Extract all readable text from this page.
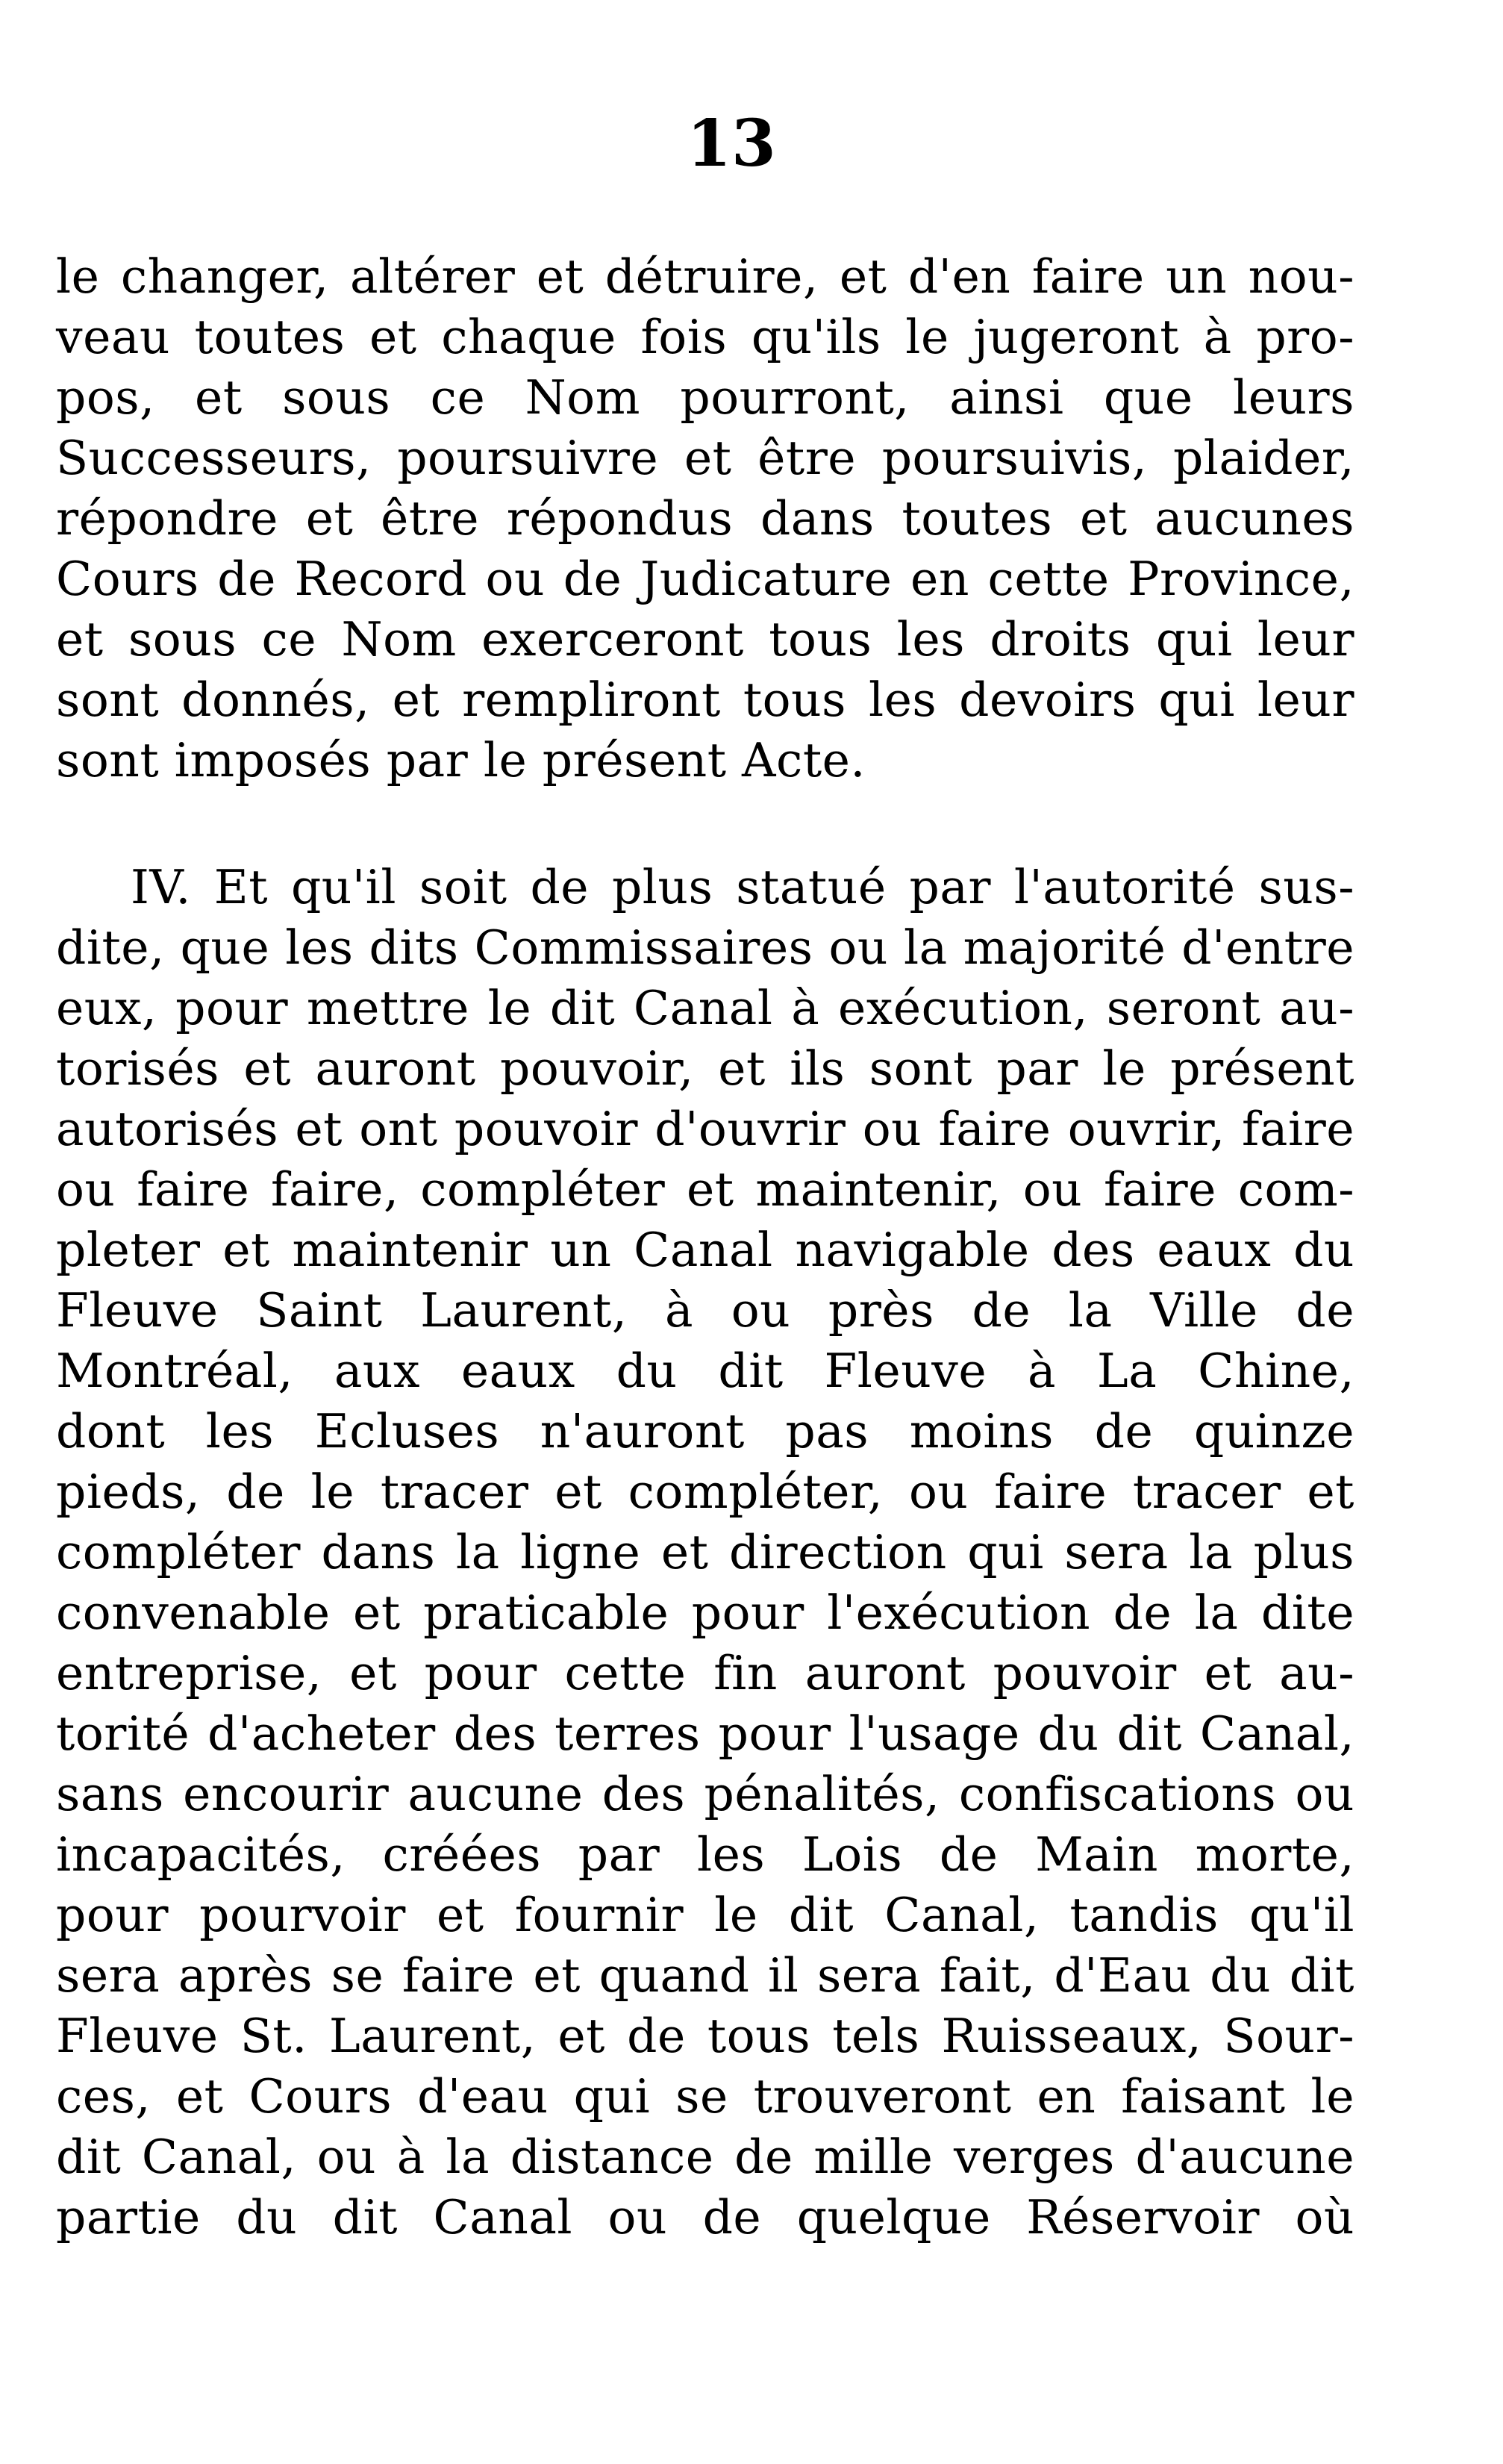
13
le changer, altérer et détruire, et d'en faire un nou-
veau toutes et chaque fois qu'ils le jugeront à pro-
pos, et sous ce Nom pourront, ainsi que leurs
Successeurs, poursuivre et être poursuivis, plaider,
répondre et être répondus dans toutes et aucunes
Cours de Record ou de Judicature en cette Province,
et sous ce Nom exerceront tous les droits qui leur
sont donnés, et rempliront tous les devoirs qui leur
sont imposés par le présent Acte.
IV. Et qu'il soit de plus statué par l'autorité sus-
dite, que les dits Commissaires ou la majorité d'entre
eux, pour mettre le dit Canal à exécution, seront au-
torisés et auront pouvoir, et ils sont par le présent
autorisés et ont pouvoir d'ouvrir ou faire ouvrir, faire
ou faire faire, compléter et maintenir, ou faire com-
pleter et maintenir un Canal navigable des eaux du
Fleuve Saint Laurent, à ou près de la Ville de
Montréal, aux eaux du dit Fleuve à La Chine,
dont les Ecluses n'auront pas moins de quinze
pieds, de le tracer et compléter, ou faire tracer et
compléter dans la ligne et direction qui sera la plus
convenable et praticable pour l'exécution de la dite
entreprise, et pour cette fin auront pouvoir et au-
torité d'acheter des terres pour l'usage du dit Canal,
sans encourir aucune des pénalités, confiscations ou
incapacités, créées par les Lois de Main morte,
pour pourvoir et fournir le dit Canal, tandis qu'il
sera après se faire et quand il sera fait, d'Eau du dit
Fleuve St. Laurent, et de tous tels Ruisseaux, Sour-
ces, et Cours d'eau qui se trouveront en faisant le
dit Canal, ou à la distance de mille verges d'aucune
partie du dit Canal ou de quelque Réservoir où
